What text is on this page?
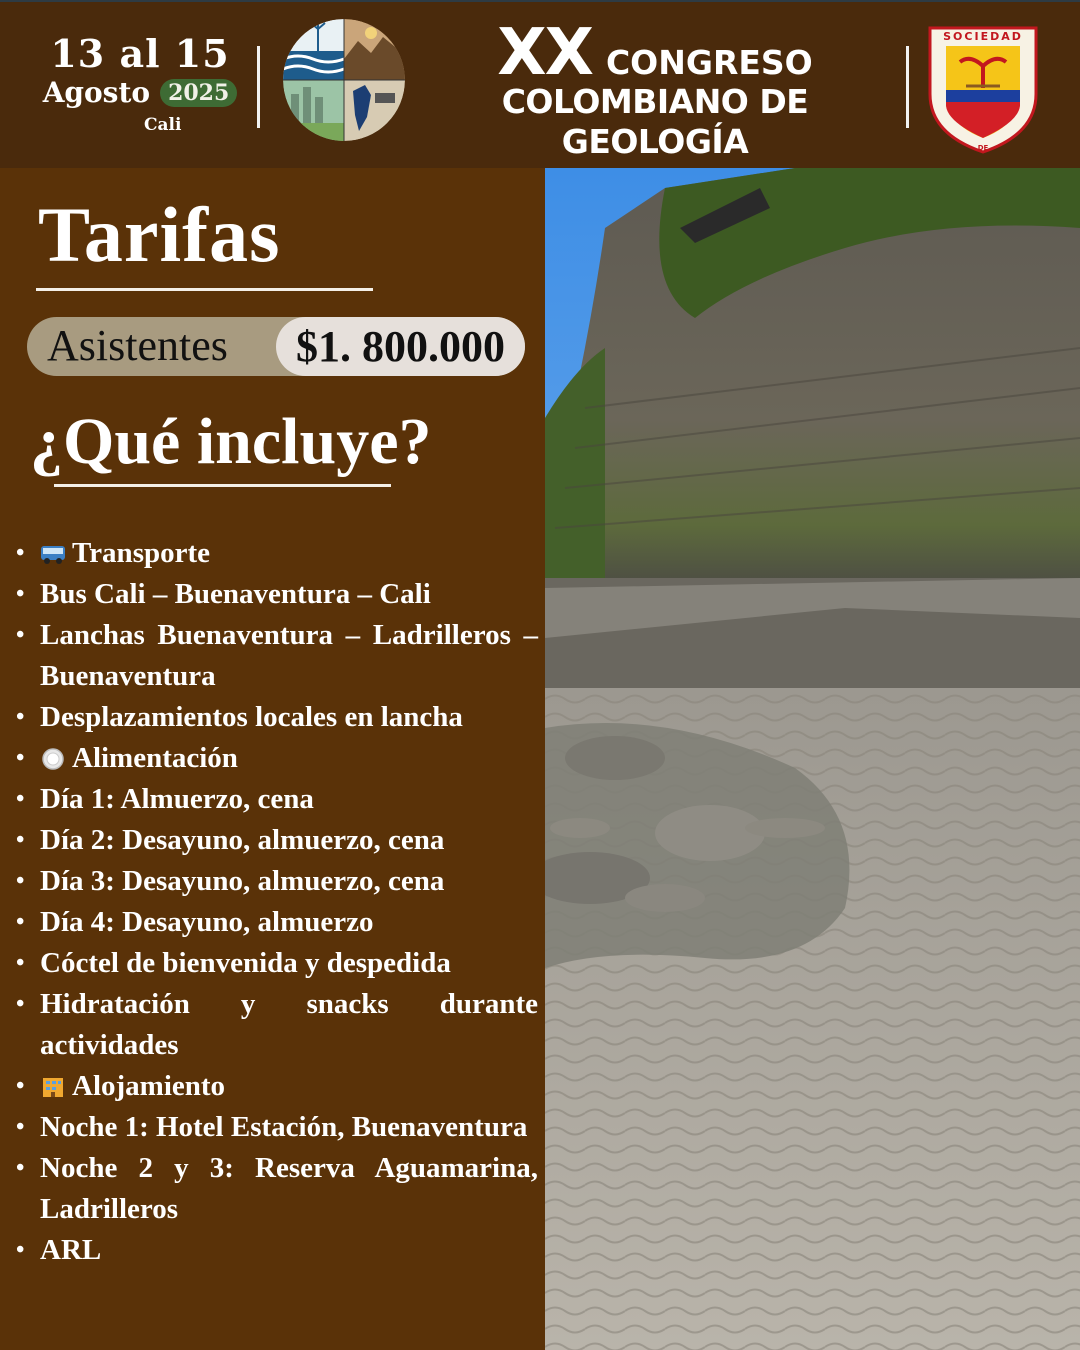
13 al 15
Agosto 2025
Cali
XX CONGRESO
COLOMBIANO DE GEOLOGÍA
SOCIEDAD
DE
Tarifas
Asistentes	$1. 800.000
¿Qué incluye?
• Transporte
• Bus Cali – Buenaventura – Cali
• Lanchas Buenaventura – Ladrilleros – Buenaventura
• Desplazamientos locales en lancha
• Alimentación
• Día 1: Almuerzo, cena
• Día 2: Desayuno, almuerzo, cena
• Día 3: Desayuno, almuerzo, cena
• Día 4: Desayuno, almuerzo
• Cóctel de bienvenida y despedida
• Hidratación y snacks durante actividades
• Alojamiento
• Noche 1: Hotel Estación, Buenaventura
• Noche 2 y 3: Reserva Aguamarina, Ladrilleros
• ARL
